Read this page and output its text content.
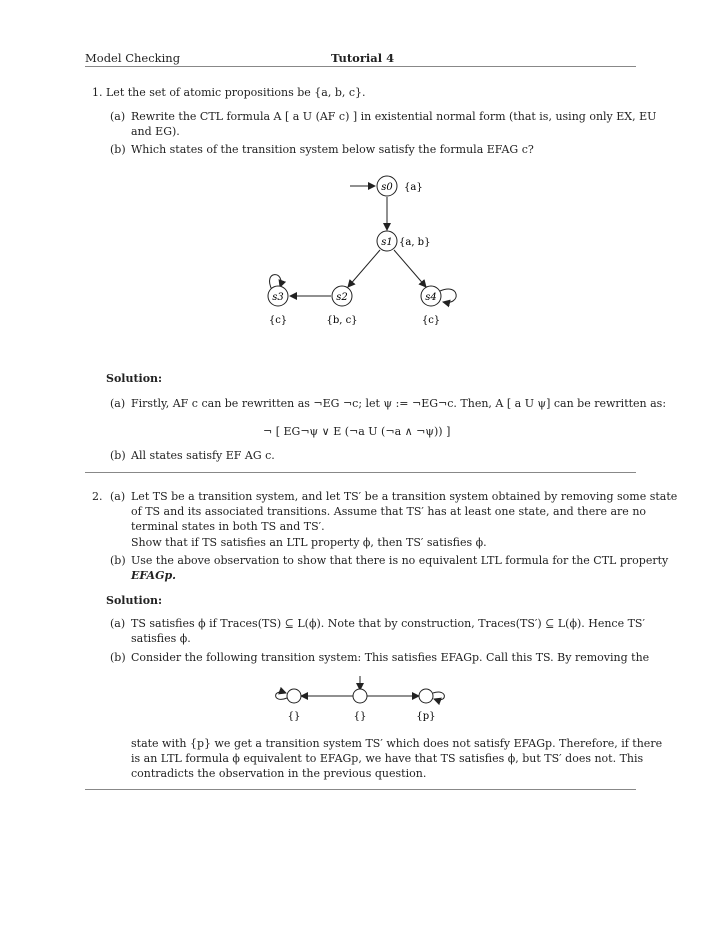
Model Checking	Tutorial 4
1. Let the set of atomic propositions be {a, b, c}.
(a) Rewrite the CTL formula A [ a U (AF c) ] in existential normal form (that is, using only EX, EU
and EG).
(b) Which states of the transition system below satisfy the formula EFAG c?
s0
s1
s2
s3	s4
{a}
{a, b}
{b, c}
{c}	{c}
Solution:
(a) Firstly, AF c can be rewritten as ¬EG ¬c; let ψ := ¬EG¬c. Then, A [ a U ψ] can be rewritten as:
¬ [ EG¬ψ ∨ E (¬a U (¬a ∧ ¬ψ)) ]
(b) All states satisfy EF AG c.
2. (a) Let TS be a transition system, and let TS′ be a transition system obtained by removing some state
of TS and its associated transitions. Assume that TS′ has at least one state, and there are no
terminal states in both TS and TS′.
Show that if TS satisfies an LTL property ϕ, then TS′ satisfies ϕ.
(b) Use the above observation to show that there is no equivalent LTL formula for the CTL property
EFAGp.
Solution:
(a) TS satisfies ϕ if Traces(TS) ⊆ L(ϕ). Note that by construction, Traces(TS′) ⊆ L(ϕ). Hence TS′
satisfies ϕ.
(b) Consider the following transition system: This satisfies EFAGp. Call this TS. By removing the
{}	{}	{p}
state with {p} we get a transition system TS′ which does not satisfy EFAGp. Therefore, if there
is an LTL formula ϕ equivalent to EFAGp, we have that TS satisfies ϕ, but TS′ does not. This
contradicts the observation in the previous question.
